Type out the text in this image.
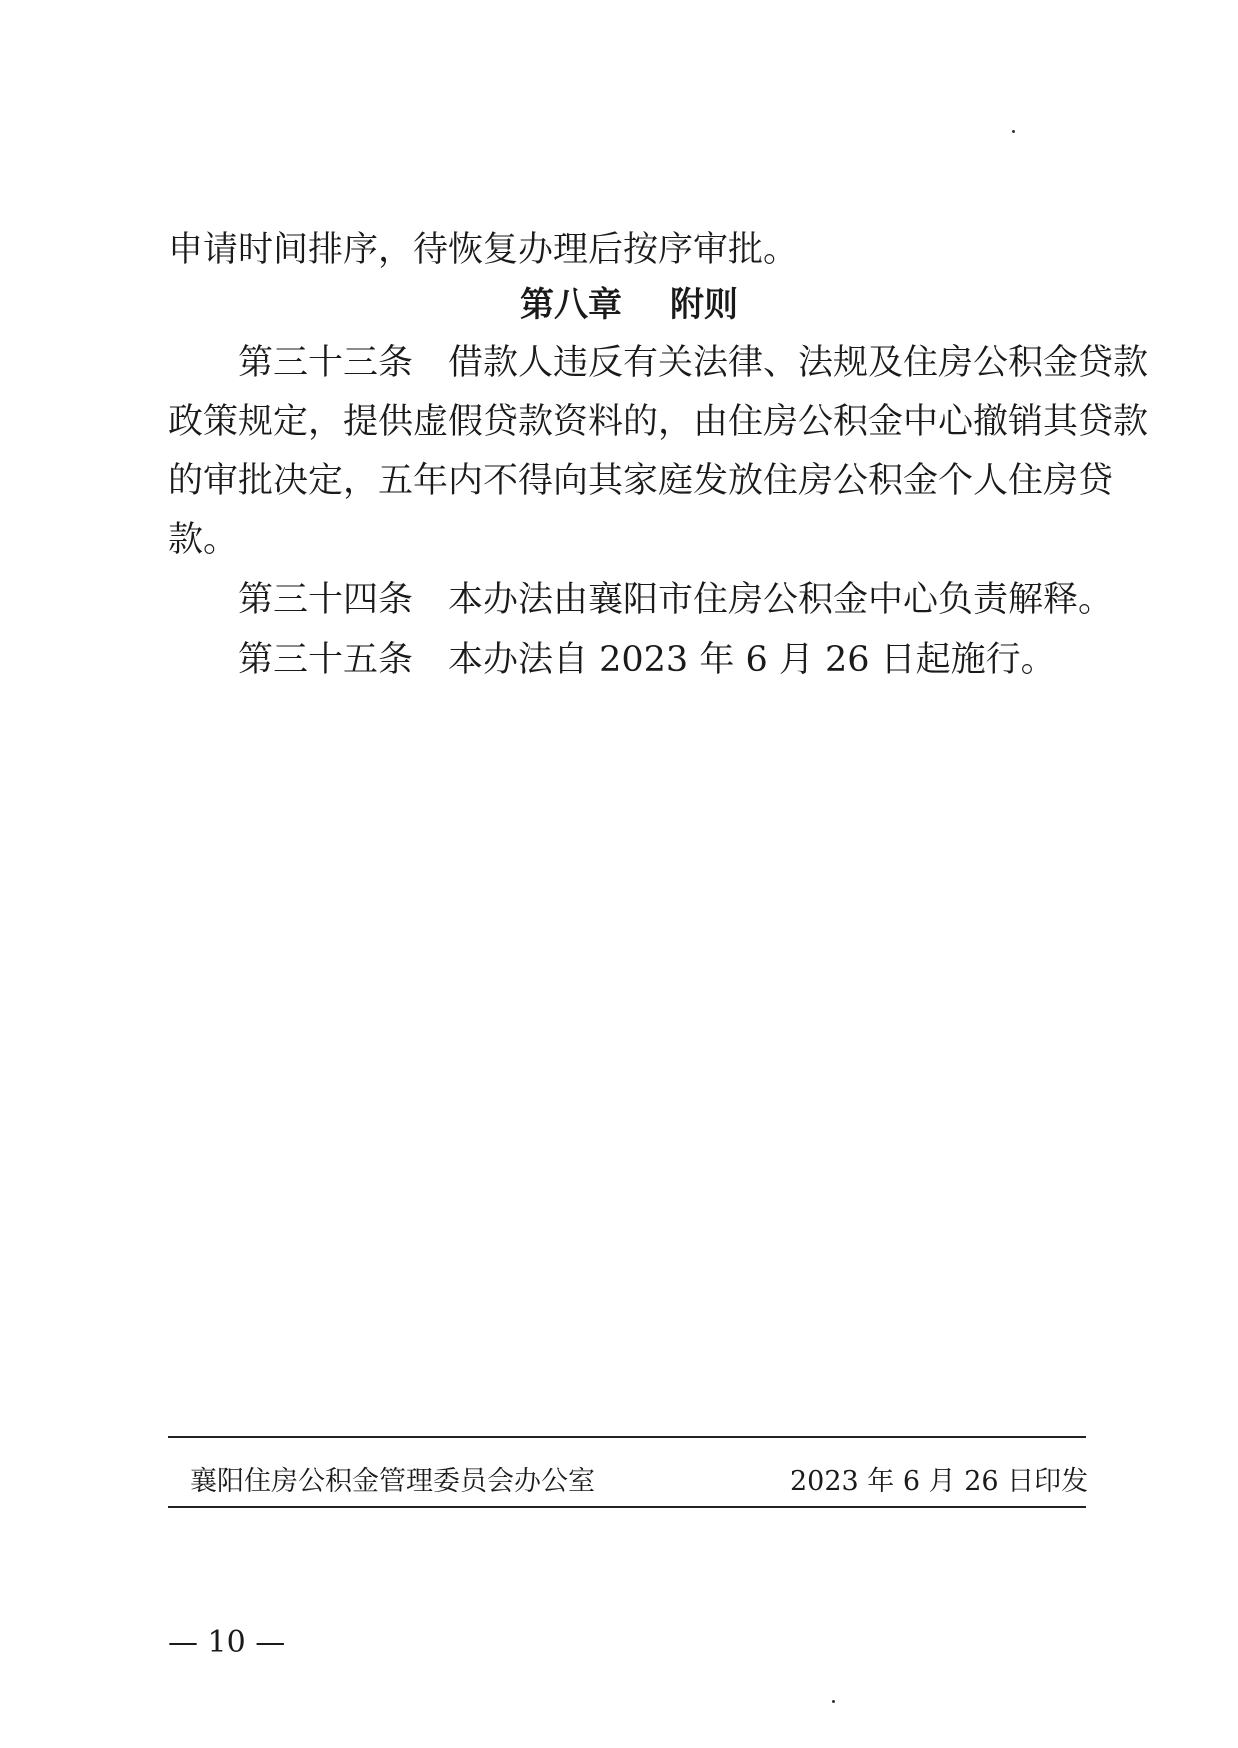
申请时间排序，待恢复办理后按序审批。
第八章 附则
第三十三条　借款人违反有关法律、法规及住房公积金贷款
政策规定，提供虚假贷款资料的，由住房公积金中心撤销其贷款
的审批决定，五年内不得向其家庭发放住房公积金个人住房贷
款。
第三十四条　本办法由襄阳市住房公积金中心负责解释。
第三十五条　本办法自 2023 年 6 月 26 日起施行。
襄阳住房公积金管理委员会办公室	2023 年 6 月 26 日印发
— 10 —
